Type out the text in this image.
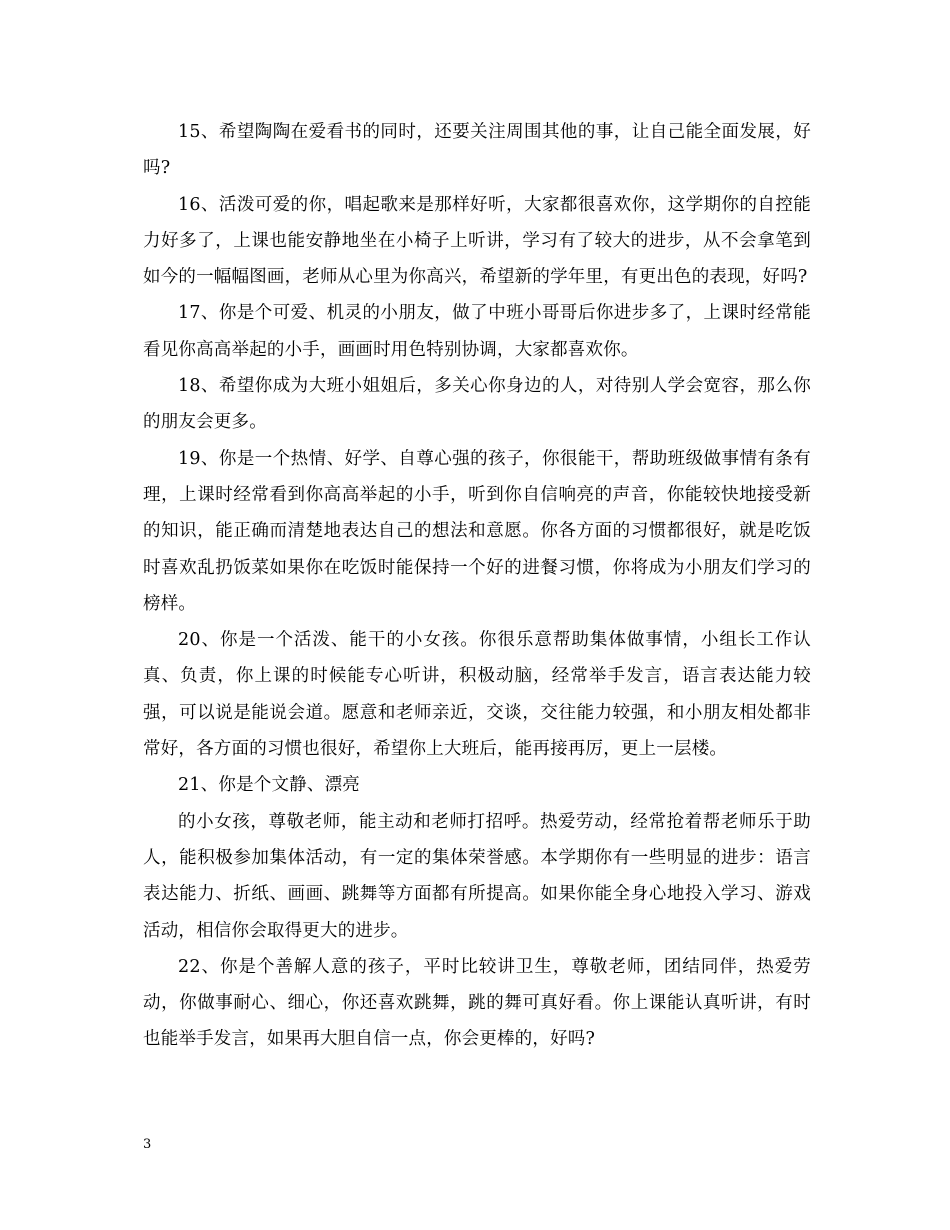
15、希望陶陶在爱看书的同时，还要关注周围其他的事，让自己能全面发展，好吗?

16、活泼可爱的你，唱起歌来是那样好听，大家都很喜欢你，这学期你的自控能力好多了，上课也能安静地坐在小椅子上听讲，学习有了较大的进步，从不会拿笔到如今的一幅幅图画，老师从心里为你高兴，希望新的学年里，有更出色的表现，好吗?

17、你是个可爱、机灵的小朋友，做了中班小哥哥后你进步多了，上课时经常能看见你高高举起的小手，画画时用色特别协调，大家都喜欢你。

18、希望你成为大班小姐姐后，多关心你身边的人，对待别人学会宽容，那么你的朋友会更多。

19、你是一个热情、好学、自尊心强的孩子，你很能干，帮助班级做事情有条有理，上课时经常看到你高高举起的小手，听到你自信响亮的声音，你能较快地接受新的知识，能正确而清楚地表达自己的想法和意愿。你各方面的习惯都很好，就是吃饭时喜欢乱扔饭菜如果你在吃饭时能保持一个好的进餐习惯，你将成为小朋友们学习的榜样。

20、你是一个活泼、能干的小女孩。你很乐意帮助集体做事情，小组长工作认真、负责，你上课的时候能专心听讲，积极动脑，经常举手发言，语言表达能力较强，可以说是能说会道。愿意和老师亲近，交谈，交往能力较强，和小朋友相处都非常好，各方面的习惯也很好，希望你上大班后，能再接再厉，更上一层楼。

21、你是个文静、漂亮

的小女孩，尊敬老师，能主动和老师打招呼。热爱劳动，经常抢着帮老师乐于助人，能积极参加集体活动，有一定的集体荣誉感。本学期你有一些明显的进步：语言表达能力、折纸、画画、跳舞等方面都有所提高。如果你能全身心地投入学习、游戏活动，相信你会取得更大的进步。

22、你是个善解人意的孩子，平时比较讲卫生，尊敬老师，团结同伴，热爱劳动，你做事耐心、细心，你还喜欢跳舞，跳的舞可真好看。你上课能认真听讲，有时也能举手发言，如果再大胆自信一点，你会更棒的，好吗?

3
